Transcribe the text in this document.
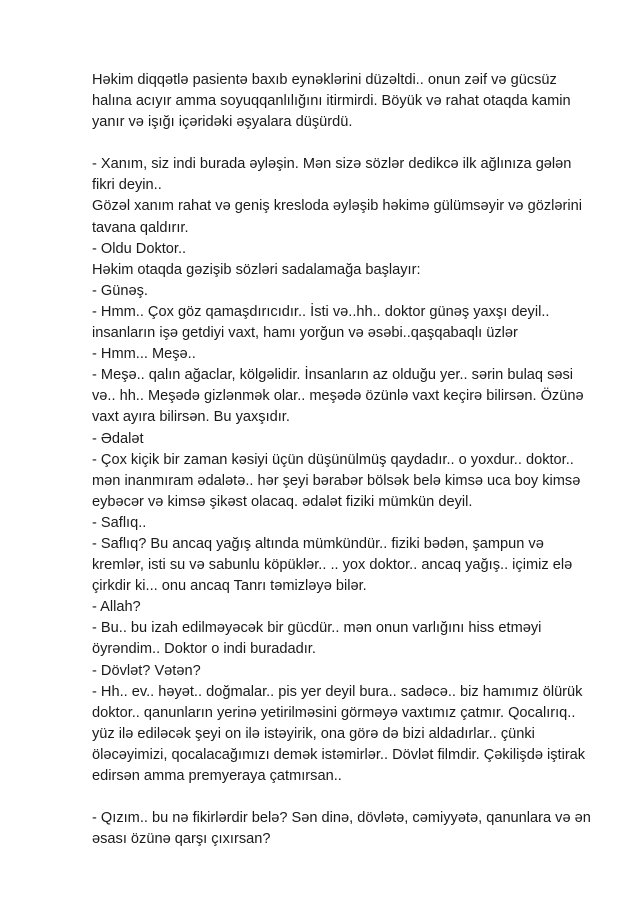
Həkim diqqətlə pasientə baxıb eynəklərini düzəltdi.. onun zəif və gücsüz halına acıyır amma soyuqqanlılığını itirmirdi. Böyük və rahat otaqda kamin yanır və işığı içəridəki əşyalara düşürdü.

- Xanım, siz indi burada əyləşin. Mən sizə sözlər dedikcə ilk ağlınıza gələn fikri deyin..

Gözəl xanım rahat və geniş kresloda əyləşib həkimə gülümsəyir və gözlərini tavana qaldırır.

- Oldu Doktor..

Həkim otaqda gəzişib sözləri sadalamağa başlayır:

- Günəş.

- Hmm.. Çox göz qamaşdırıcıdır.. İsti və..hh.. doktor günəş yaxşı deyil.. insanların işə getdiyi vaxt, hamı yorğun və əsəbi..qaşqabaqlı üzlər

- Hmm... Meşə..

- Meşə.. qalın ağaclar, kölgəlidir. İnsanların az olduğu yer.. sərin bulaq səsi və.. hh.. Meşədə gizlənmək olar.. meşədə özünlə vaxt keçirə bilirsən. Özünə vaxt ayıra bilirsən. Bu yaxşıdır.

- Ədalət

- Çox kiçik bir zaman kəsiyi üçün düşünülmüş qaydadır.. o yoxdur.. doktor.. mən inanmıram ədalətə.. hər şeyi bərabər bölsək belə kimsə uca boy kimsə eybəcər və kimsə şikəst olacaq. ədalət fiziki mümkün deyil.

- Saflıq..

- Saflıq? Bu ancaq yağış altında mümkündür.. fiziki bədən, şampun və kremlər, isti su və sabunlu köpüklər.. .. yox doktor.. ancaq yağış.. içimiz elə çirkdir ki... onu ancaq Tanrı təmizləyə bilər.

- Allah?

- Bu.. bu izah edilməyəcək bir gücdür.. mən onun varlığını hiss etməyi öyrəndim.. Doktor o indi buradadır.

- Dövlət? Vətən?

- Hh.. ev.. həyət.. doğmalar.. pis yer deyil bura.. sadəcə.. biz hamımız ölürük doktor.. qanunların yerinə yetirilməsini görməyə vaxtımız çatmır. Qocalırıq.. yüz ilə ediləcək şeyi on ilə istəyirik, ona görə də bizi aldadırlar.. çünki öləcəyimizi, qocalacağımızı demək istəmirlər.. Dövlət filmdir. Çəkilişdə iştirak edirsən amma premyeraya çatmırsan..

- Qızım.. bu nə fikirlərdir belə? Sən dinə, dövlətə, cəmiyyətə, qanunlara və ən əsası özünə qarşı çıxırsan?
